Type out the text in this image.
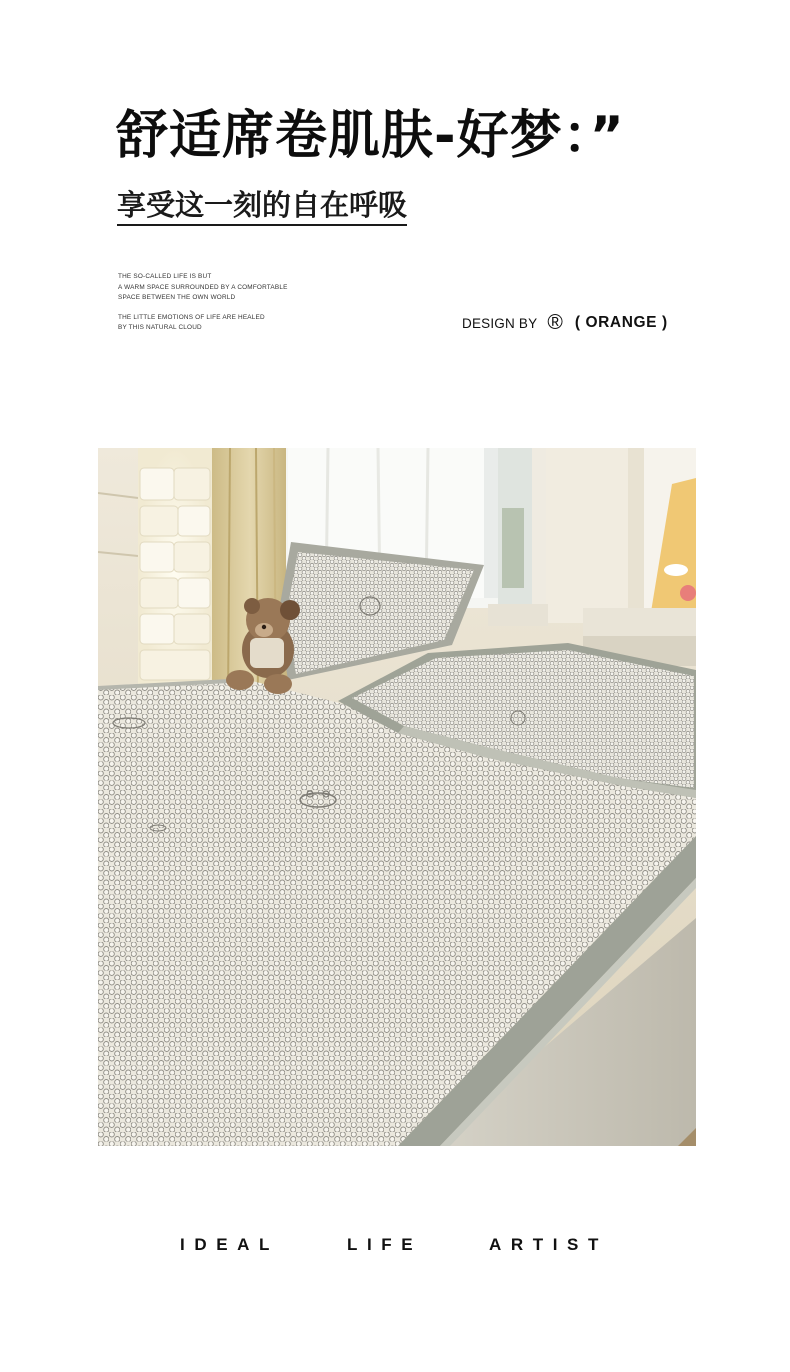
舒适席卷肌肤-好梦：”
享受这一刻的自在呼吸

THE SO-CALLED LIFE IS BUT
A WARM SPACE SURROUNDED BY A COMFORTABLE
SPACE BETWEEN THE OWN WORLD

THE LITTLE EMOTIONS OF LIFE ARE HEALED
BY THIS NATURAL CLOUD	DESIGN BY ® ( ORANGE )
IDEAL	LIFE	ARTIST
